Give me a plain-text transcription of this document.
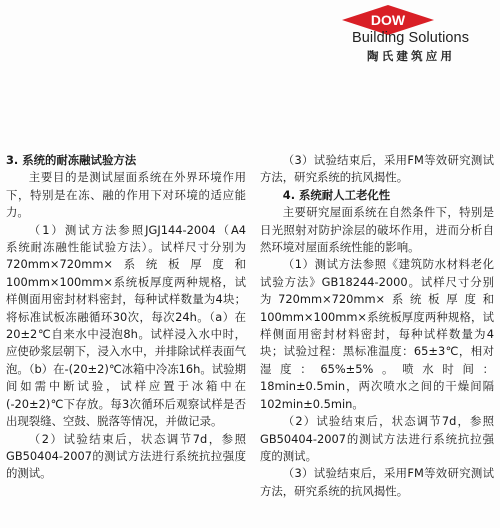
DOW
Building Solutions
陶氏建筑应用
3. 系统的耐冻融试验方法

主要目的是测试屋面系统在外界环境作用下，特别是在冻、融的作用下对环境的适应能力。

（1）测试方法参照JGJ144-2004（A4　系统耐冻融性能试验方法）。试样尺寸分别为720mm×720mm×系统板厚度和100mm×100mm×系统板厚度两种规格，试样侧面用密封材料密封，每种试样数量为4块；将标准试板冻融循环30次，每次24h。（a）在20±2℃自来水中浸泡8h。试样浸入水中时，应使砂浆层朝下，浸入水中，并排除试样表面气泡。（b）在-(20±2)℃冰箱中冷冻16h。试验期间如需中断试验，试样应置于冰箱中在(-20±2)℃下存放。每3次循环后观察试样是否出现裂缝、空鼓、脱落等情况，并做记录。

（2）试验结束后，状态调节7d，参照GB50404-2007的测试方法进行系统抗拉强度的测试。

（3）试验结束后，采用FM等效研究测试方法，研究系统的抗风揭性。

4. 系统耐人工老化性

主要研究屋面系统在自然条件下，特别是日光照射对防护涂层的破坏作用，进而分析自然环境对屋面系统性能的影响。

（1）测试方法参照《建筑防水材料老化试验方法》GB18244-2000。试样尺寸分别为720mm×720mm×系统板厚度和100mm×100mm×系统板厚度两种规格，试样侧面用密封材料密封，每种试样数量为4块；试验过程：黑标准温度：65±3℃，相对湿度：65%±5%。喷水时间：18min±0.5min，两次喷水之间的干燥间隔102min±0.5min。

（2）试验结束后，状态调节7d，参照GB50404-2007的测试方法进行系统抗拉强度的测试。

（3）试验结束后，采用FM等效研究测试方法，研究系统的抗风揭性。
